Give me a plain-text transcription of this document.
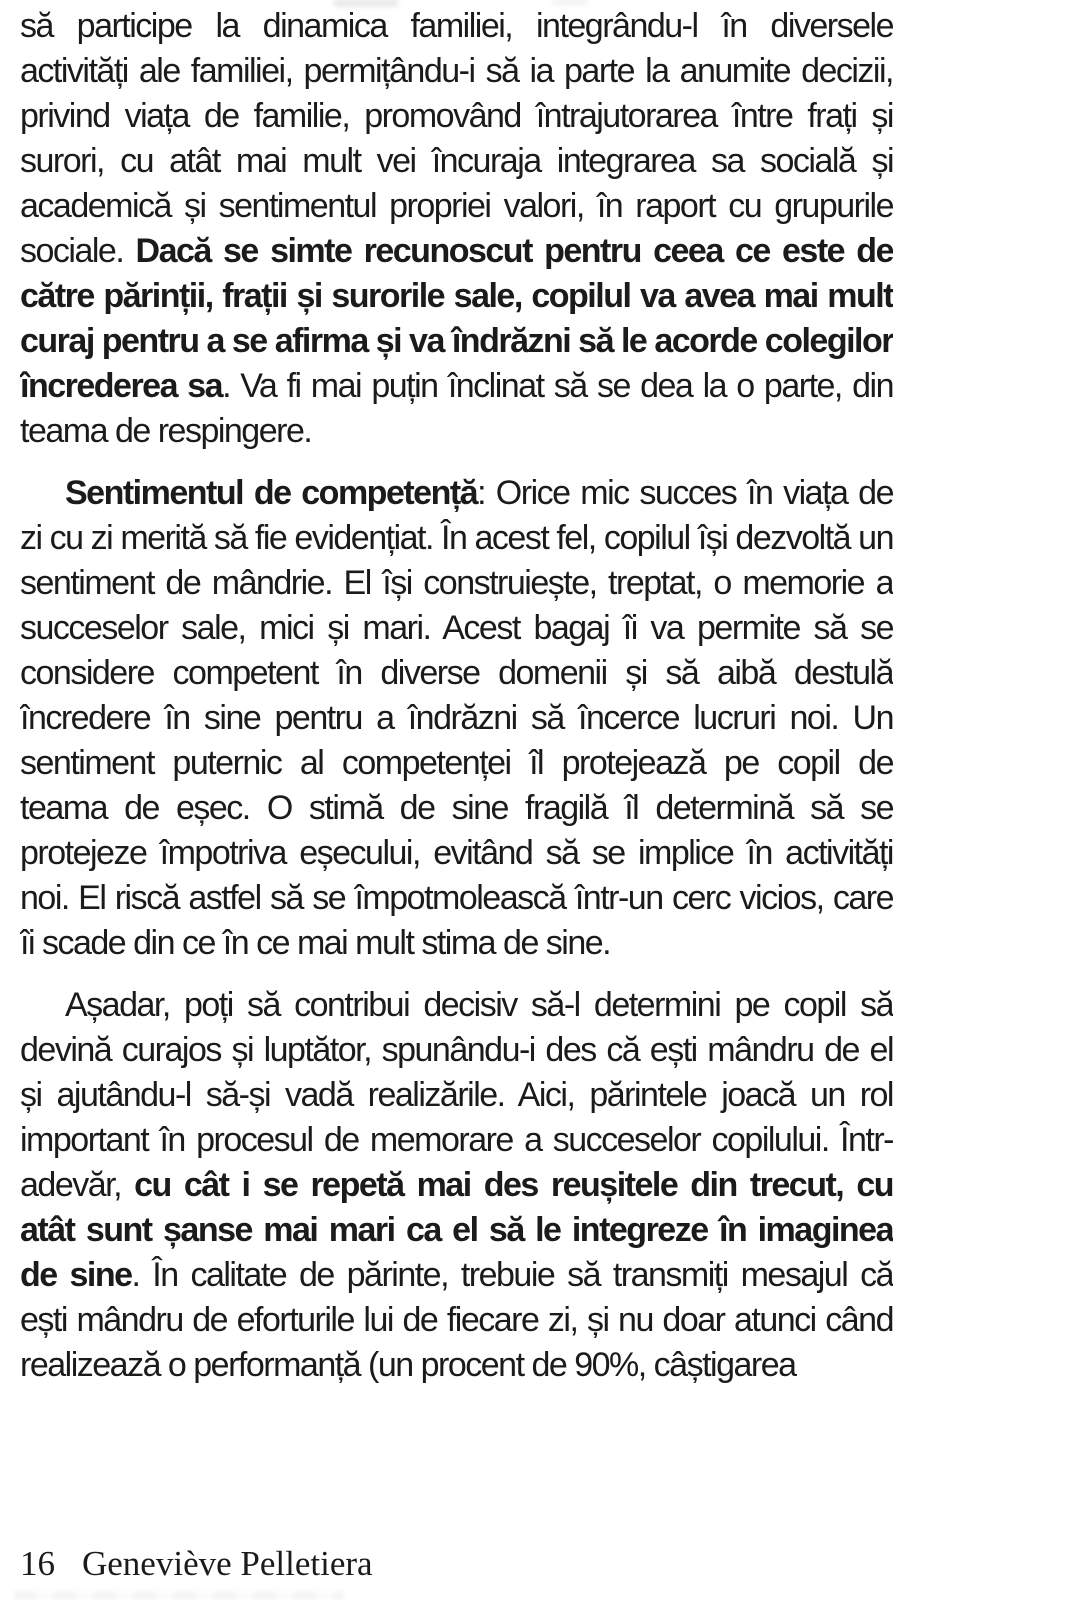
să participe la dinamica familiei, integrându-l în diversele activități ale familiei, permițându-i să ia parte la anumite decizii, privind viața de familie, promovând întrajutorarea între frați și surori, cu atât mai mult vei încuraja integrarea sa socială și academică și sentimentul propriei valori, în raport cu grupurile sociale. Dacă se simte recunoscut pentru ceea ce este de către părinții, frații și surorile sale, copilul va avea mai mult curaj pentru a se afirma și va îndrăzni să le acorde colegilor încrederea sa. Va fi mai puțin înclinat să se dea la o parte, din teama de respingere.

Sentimentul de competență: Orice mic succes în viața de zi cu zi merită să fie evidențiat. În acest fel, copilul își dezvoltă un sentiment de mândrie. El își construiește, treptat, o memorie a succeselor sale, mici și mari. Acest bagaj îi va permite să se considere competent în diverse domenii și să aibă destulă încredere în sine pentru a îndrăzni să încerce lucruri noi. Un sentiment puternic al competenței îl protejează pe copil de teama de eșec. O stimă de sine fragilă îl determină să se protejeze împotriva eșecului, evitând să se implice în activități noi. El riscă astfel să se împotmolească într-un cerc vicios, care îi scade din ce în ce mai mult stima de sine.

Așadar, poți să contribui decisiv să-l determini pe copil să devină curajos și luptător, spunându-i des că ești mândru de el și ajutându-l să-și vadă realizările. Aici, părintele joacă un rol important în procesul de memorare a succeselor copilului. Într-adevăr, cu cât i se repetă mai des reușitele din trecut, cu atât sunt șanse mai mari ca el să le integreze în imaginea de sine. În calitate de părinte, trebuie să transmiți mesajul că ești mândru de eforturile lui de fiecare zi, și nu doar atunci când realizează o performanță (un procent de 90%, câștigarea

16 Geneviève Pelletiera
